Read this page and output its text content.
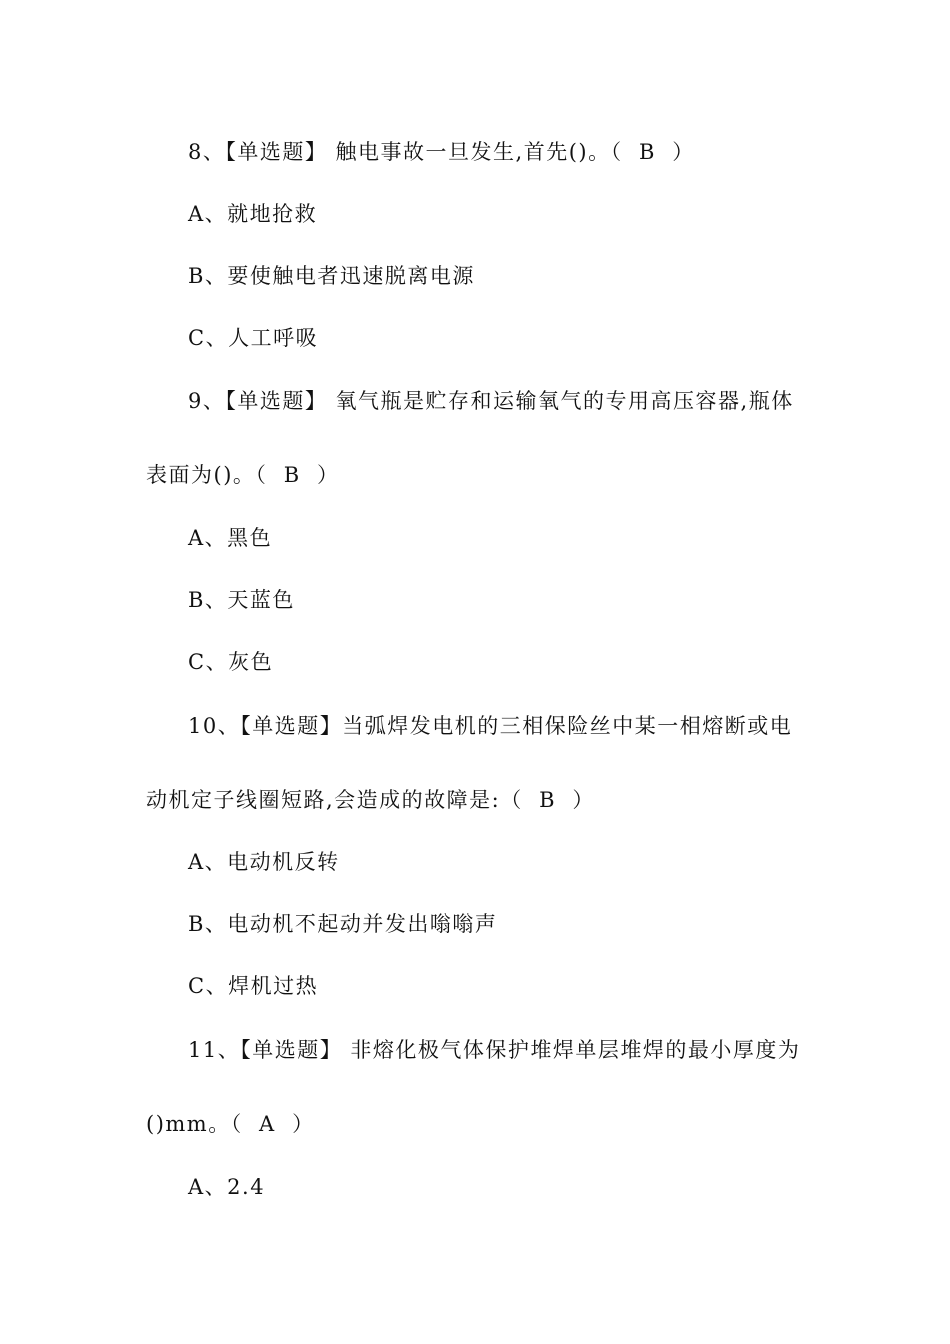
8、【单选题】 触电事故一旦发生,首先()。（  B  ）
A、就地抢救
B、要使触电者迅速脱离电源
C、人工呼吸
9、【单选题】 氧气瓶是贮存和运输氧气的专用高压容器,瓶体
表面为()。（  B  ）
A、黑色
B、天蓝色
C、灰色
10、【单选题】当弧焊发电机的三相保险丝中某一相熔断或电
动机定子线圈短路,会造成的故障是:（  B  ）
A、电动机反转
B、电动机不起动并发出嗡嗡声
C、焊机过热
11、【单选题】 非熔化极气体保护堆焊单层堆焊的最小厚度为
()mm。（  A  ）
A、2.4
